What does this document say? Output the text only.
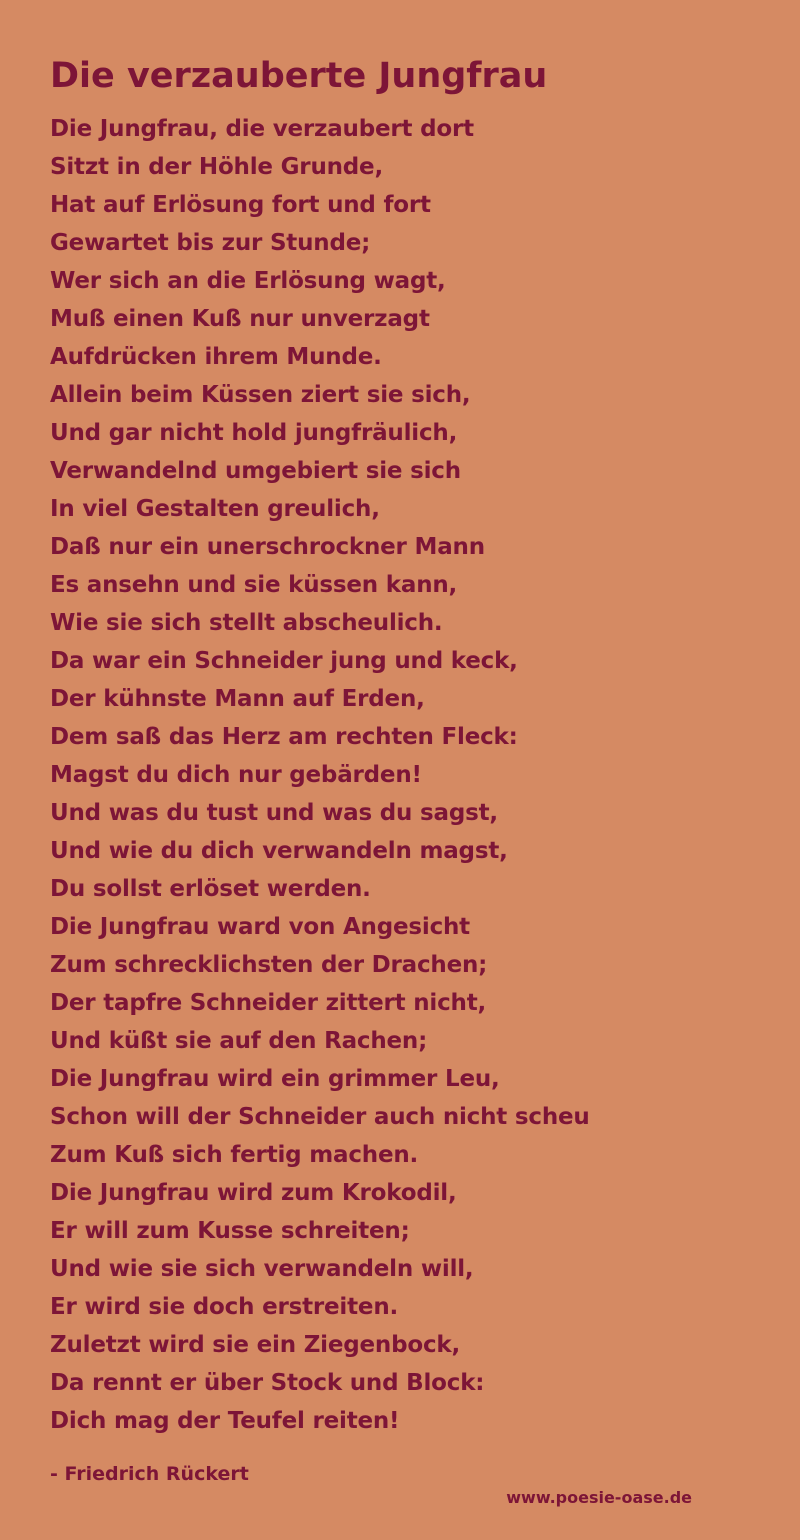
Die verzauberte Jungfrau
Die Jungfrau, die verzaubert dort
Sitzt in der Höhle Grunde,
Hat auf Erlösung fort und fort
Gewartet bis zur Stunde;
Wer sich an die Erlösung wagt,
Muß einen Kuß nur unverzagt
Aufdrücken ihrem Munde.
Allein beim Küssen ziert sie sich,
Und gar nicht hold jungfräulich,
Verwandelnd umgebiert sie sich
In viel Gestalten greulich,
Daß nur ein unerschrockner Mann
Es ansehn und sie küssen kann,
Wie sie sich stellt abscheulich.
Da war ein Schneider jung und keck,
Der kühnste Mann auf Erden,
Dem saß das Herz am rechten Fleck:
Magst du dich nur gebärden!
Und was du tust und was du sagst,
Und wie du dich verwandeln magst,
Du sollst erlöset werden.
Die Jungfrau ward von Angesicht
Zum schrecklichsten der Drachen;
Der tapfre Schneider zittert nicht,
Und küßt sie auf den Rachen;
Die Jungfrau wird ein grimmer Leu,
Schon will der Schneider auch nicht scheu
Zum Kuß sich fertig machen.
Die Jungfrau wird zum Krokodil,
Er will zum Kusse schreiten;
Und wie sie sich verwandeln will,
Er wird sie doch erstreiten.
Zuletzt wird sie ein Ziegenbock,
Da rennt er über Stock und Block:
Dich mag der Teufel reiten!
- Friedrich Rückert
www.poesie-oase.de
